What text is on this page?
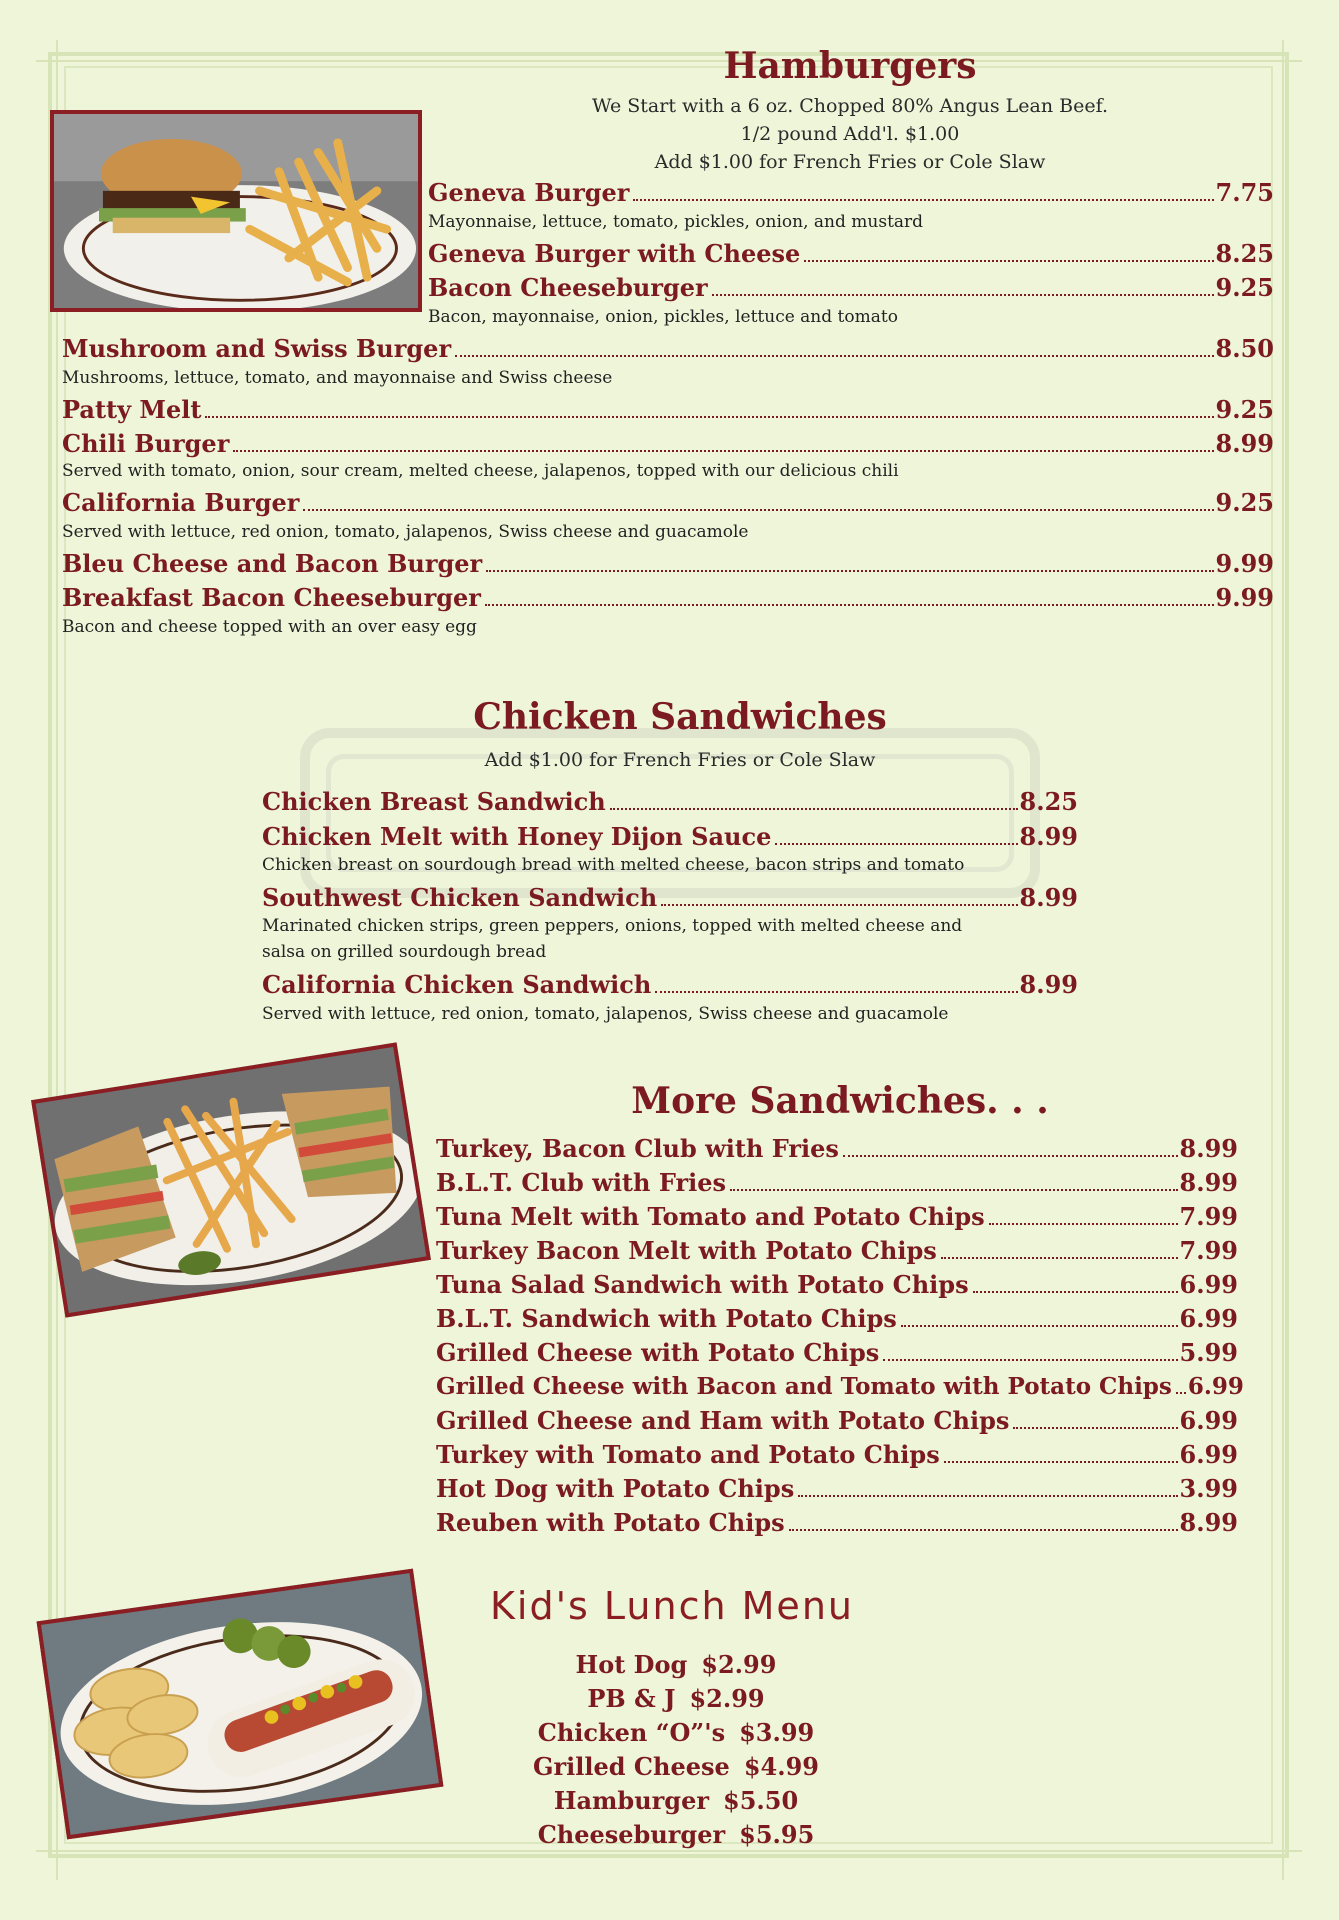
Hamburgers
We Start with a 6 oz. Chopped 80% Angus Lean Beef.
1/2 pound Add'l. $1.00
Add $1.00 for French Fries or Cole Slaw
Geneva Burger	7.75
Mayonnaise, lettuce, tomato, pickles, onion, and mustard
Geneva Burger with Cheese	8.25
Bacon Cheeseburger	9.25
Bacon, mayonnaise, onion, pickles, lettuce and tomato
Mushroom and Swiss Burger	8.50
Mushrooms, lettuce, tomato, and mayonnaise and Swiss cheese
Patty Melt	9.25
Chili Burger	8.99
Served with tomato, onion, sour cream, melted cheese, jalapenos, topped with our delicious chili
California Burger	9.25
Served with lettuce, red onion, tomato, jalapenos, Swiss cheese and guacamole
Bleu Cheese and Bacon Burger	9.99
Breakfast Bacon Cheeseburger	9.99
Bacon and cheese topped with an over easy egg
Chicken Sandwiches
Add $1.00 for French Fries or Cole Slaw
Chicken Breast Sandwich	8.25
Chicken Melt with Honey Dijon Sauce	8.99
Chicken breast on sourdough bread with melted cheese, bacon strips and tomato
Southwest Chicken Sandwich	8.99
Marinated chicken strips, green peppers, onions, topped with melted cheese and
salsa on grilled sourdough bread
California Chicken Sandwich	8.99
Served with lettuce, red onion, tomato, jalapenos, Swiss cheese and guacamole
More Sandwiches. . .
Turkey, Bacon Club with Fries	8.99
B.L.T. Club with Fries	8.99
Tuna Melt with Tomato and Potato Chips	7.99
Turkey Bacon Melt with Potato Chips	7.99
Tuna Salad Sandwich with Potato Chips	6.99
B.L.T. Sandwich with Potato Chips	6.99
Grilled Cheese with Potato Chips	5.99
Grilled Cheese with Bacon and Tomato with Potato Chips 6.99
Grilled Cheese and Ham with Potato Chips	6.99
Turkey with Tomato and Potato Chips	6.99
Hot Dog with Potato Chips	3.99
Reuben with Potato Chips	8.99
Kid's Lunch Menu
Hot Dog $2.99
PB & J $2.99
Chicken “O”'s $3.99
Grilled Cheese $4.99
Hamburger $5.50
Cheeseburger $5.95
